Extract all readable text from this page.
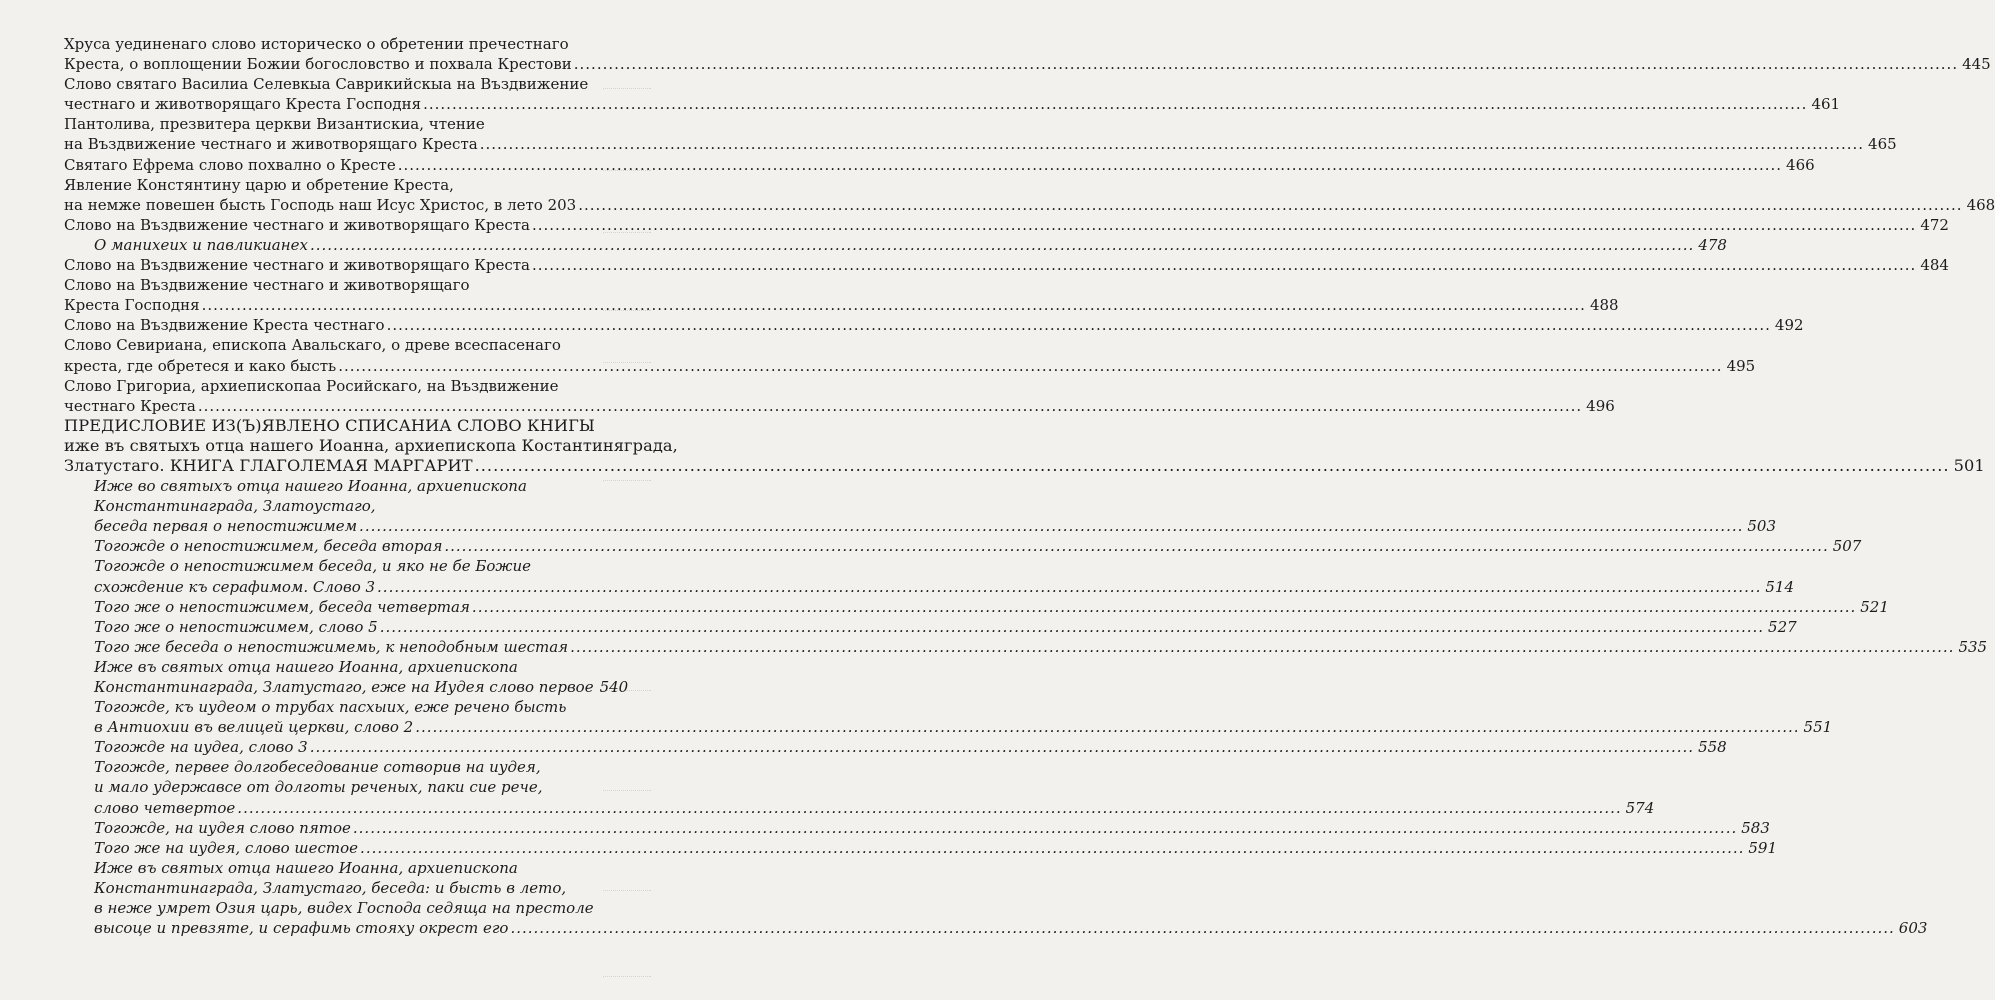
Хруса уединенаго слово историческо о обретении пречестнаго
Креста, о воплощении Божии богословство и похвала Крестови .....	445
Слово святаго Василиа Селевкыа Саврикийскыа на Въздвижение
честнаго и животворящаго Креста Господня .....	461
Пантолива, презвитера церкви Византискиа, чтение
на Въздвижение честнаго и животворящаго Креста .....	465
Святаго Ефрема слово похвално о Кресте .....	466
Явление Констянтину царю и обретение Креста,
на немже повешен бысть Господь наш Исус Христос, в лето 203 .....	468
Слово на Въздвижение честнаго и животворящаго Креста .....	472
О манихеих и павликианех .....	478
Слово на Въздвижение честнаго и животворящаго Креста .....	484
Слово на Въздвижение честнаго и животворящаго
Креста Господня .....	488
Слово на Въздвижение Креста честнаго .....	492
Слово Севириана, епископа Авальскаго, о древе всеспасенаго
креста, где обретеся и како бысть .....	495
Слово Григориа, архиепископаа Росийскаго, на Въздвижение
честнаго Креста .....	496
ПРЕДИСЛОВИЕ ИЗ(Ъ)ЯВЛЕНО СПИСАНИА СЛОВО КНИГЫ
иже въ святыхъ отца нашего Иоанна, архиепископа Костантиняграда,
Златустаго. КНИГА ГЛАГОЛЕМАЯ МАРГАРИТ .....	501
Иже во святыхъ отца нашего Иоанна, архиепископа
Константинаграда, Златоустаго,
беседа первая о непостижимем .....	503
Тогожде о непостижимем, беседа вторая .....	507
Тогожде о непостижимем беседа, и яко не бе Божие
схождение къ серафимом. Слово 3 .....	514
Того же о непостижимем, беседа четвертая .....	521
Того же о непостижимем, слово 5 .....	527
Того же беседа о непостижимемь, к неподобным шестая .....	535
Иже въ святых отца нашего Иоанна, архиепископа
Константинаграда, Златустаго, еже на Иудея слово первое 540
Тогожде, къ иудеом о трубах пасхыих, еже речено бысть
в Антиохии въ велицей церкви, слово 2 .....	551
Тогожде на иудеа, слово 3 .....	558
Тогожде, первее долгобеседование сотворив на иудея,
и мало удержавсе от долготы реченых, паки сие рече,
слово четвертое .....	574
Тогожде, на иудея слово пятое .....	583
Того же на иудея, слово шестое .....	591
Иже въ святых отца нашего Иоанна, архиепископа
Константинаграда, Златустаго, беседа: и бысть в лето,
в неже умрет Озия царь, видех Господа седяща на престоле
высоце и превзяте, и серафимь стояху окрест его .....	603
